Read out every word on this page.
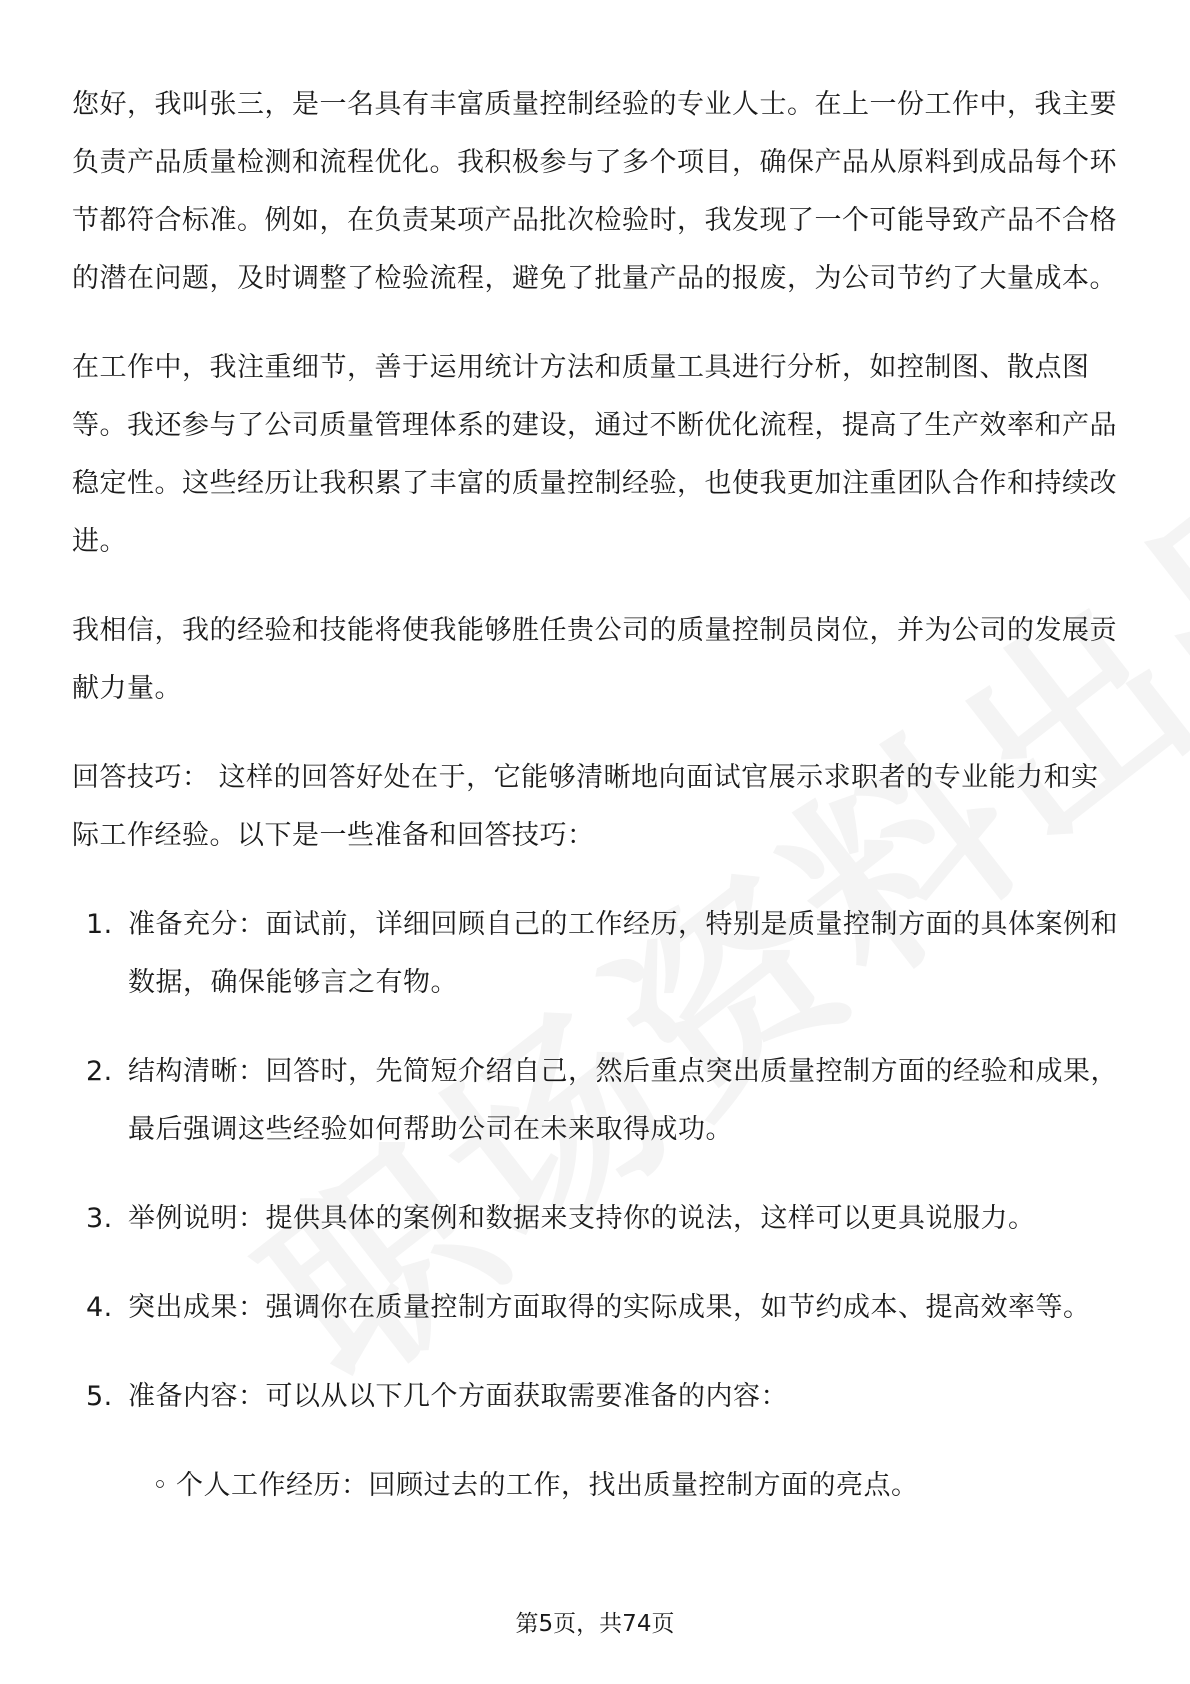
您好，我叫张三，是一名具有丰富质量控制经验的专业人士。在上一份工作中，我主要负责产品质量检测和流程优化。我积极参与了多个项目，确保产品从原料到成品每个环节都符合标准。例如，在负责某项产品批次检验时，我发现了一个可能导致产品不合格的潜在问题，及时调整了检验流程，避免了批量产品的报废，为公司节约了大量成本。

在工作中，我注重细节，善于运用统计方法和质量工具进行分析，如控制图、散点图等。我还参与了公司质量管理体系的建设，通过不断优化流程，提高了生产效率和产品稳定性。这些经历让我积累了丰富的质量控制经验，也使我更加注重团队合作和持续改进。

我相信，我的经验和技能将使我能够胜任贵公司的质量控制员岗位，并为公司的发展贡献力量。

回答技巧： 这样的回答好处在于，它能够清晰地向面试官展示求职者的专业能力和实际工作经验。以下是一些准备和回答技巧：

1. 准备充分：面试前，详细回顾自己的工作经历，特别是质量控制方面的具体案例和数据，确保能够言之有物。
2. 结构清晰：回答时，先简短介绍自己，然后重点突出质量控制方面的经验和成果，最后强调这些经验如何帮助公司在未来取得成功。
3. 举例说明：提供具体的案例和数据来支持你的说法，这样可以更具说服力。
4. 突出成果：强调你在质量控制方面取得的实际成果，如节约成本、提高效率等。
5. 准备内容：可以从以下几个方面获取需要准备的内容：
◦ 个人工作经历：回顾过去的工作，找出质量控制方面的亮点。
第5页，共74页
